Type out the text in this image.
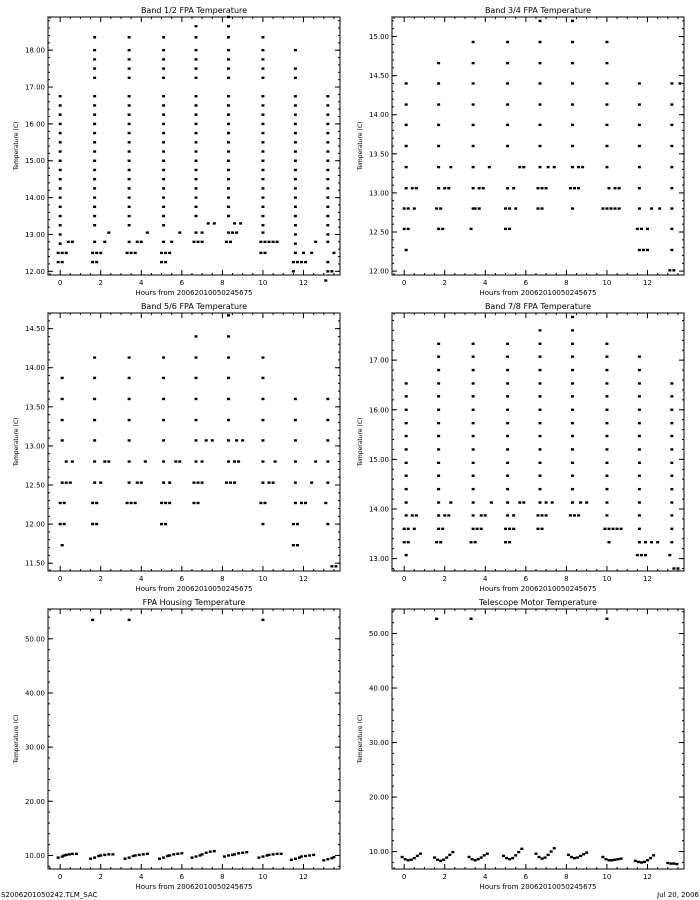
Band 1/2 FPA Temperature
Hours from 20062010050245675
Temperature (C)
0	2	4	6	8	10	12
12.00
13.00
14.00
15.00
16.00
17.00
18.00
Band 3/4 FPA Temperature
Hours from 20062010050245675
Temperature (C)
0	2	4	6	8	10	12
12.00
12.50
13.00
13.50
14.00
14.50
15.00
Band 5/6 FPA Temperature
Hours from 20062010050245675
Temperature (C)
0	2	4	6	8	10	12
11.50
12.00
12.50
13.00
13.50
14.00
14.50
Band 7/8 FPA Temperature
Hours from 20062010050245675
Temperature (C)
0	2	4	6	8	10	12
13.00
14.00
15.00
16.00
17.00
FPA Housing Temperature
Hours from 20062010050245675
Temperature (C)
0	2	4	6	8	10	12
10.00
20.00
30.00
40.00
50.00
Telescope Motor Temperature
Hours from 20062010050245675
Temperature (C)
0	2	4	6	8	10	12
10.00
20.00
30.00
40.00
50.00
S2006201050242.TLM_SAC	Jul 20, 2006
